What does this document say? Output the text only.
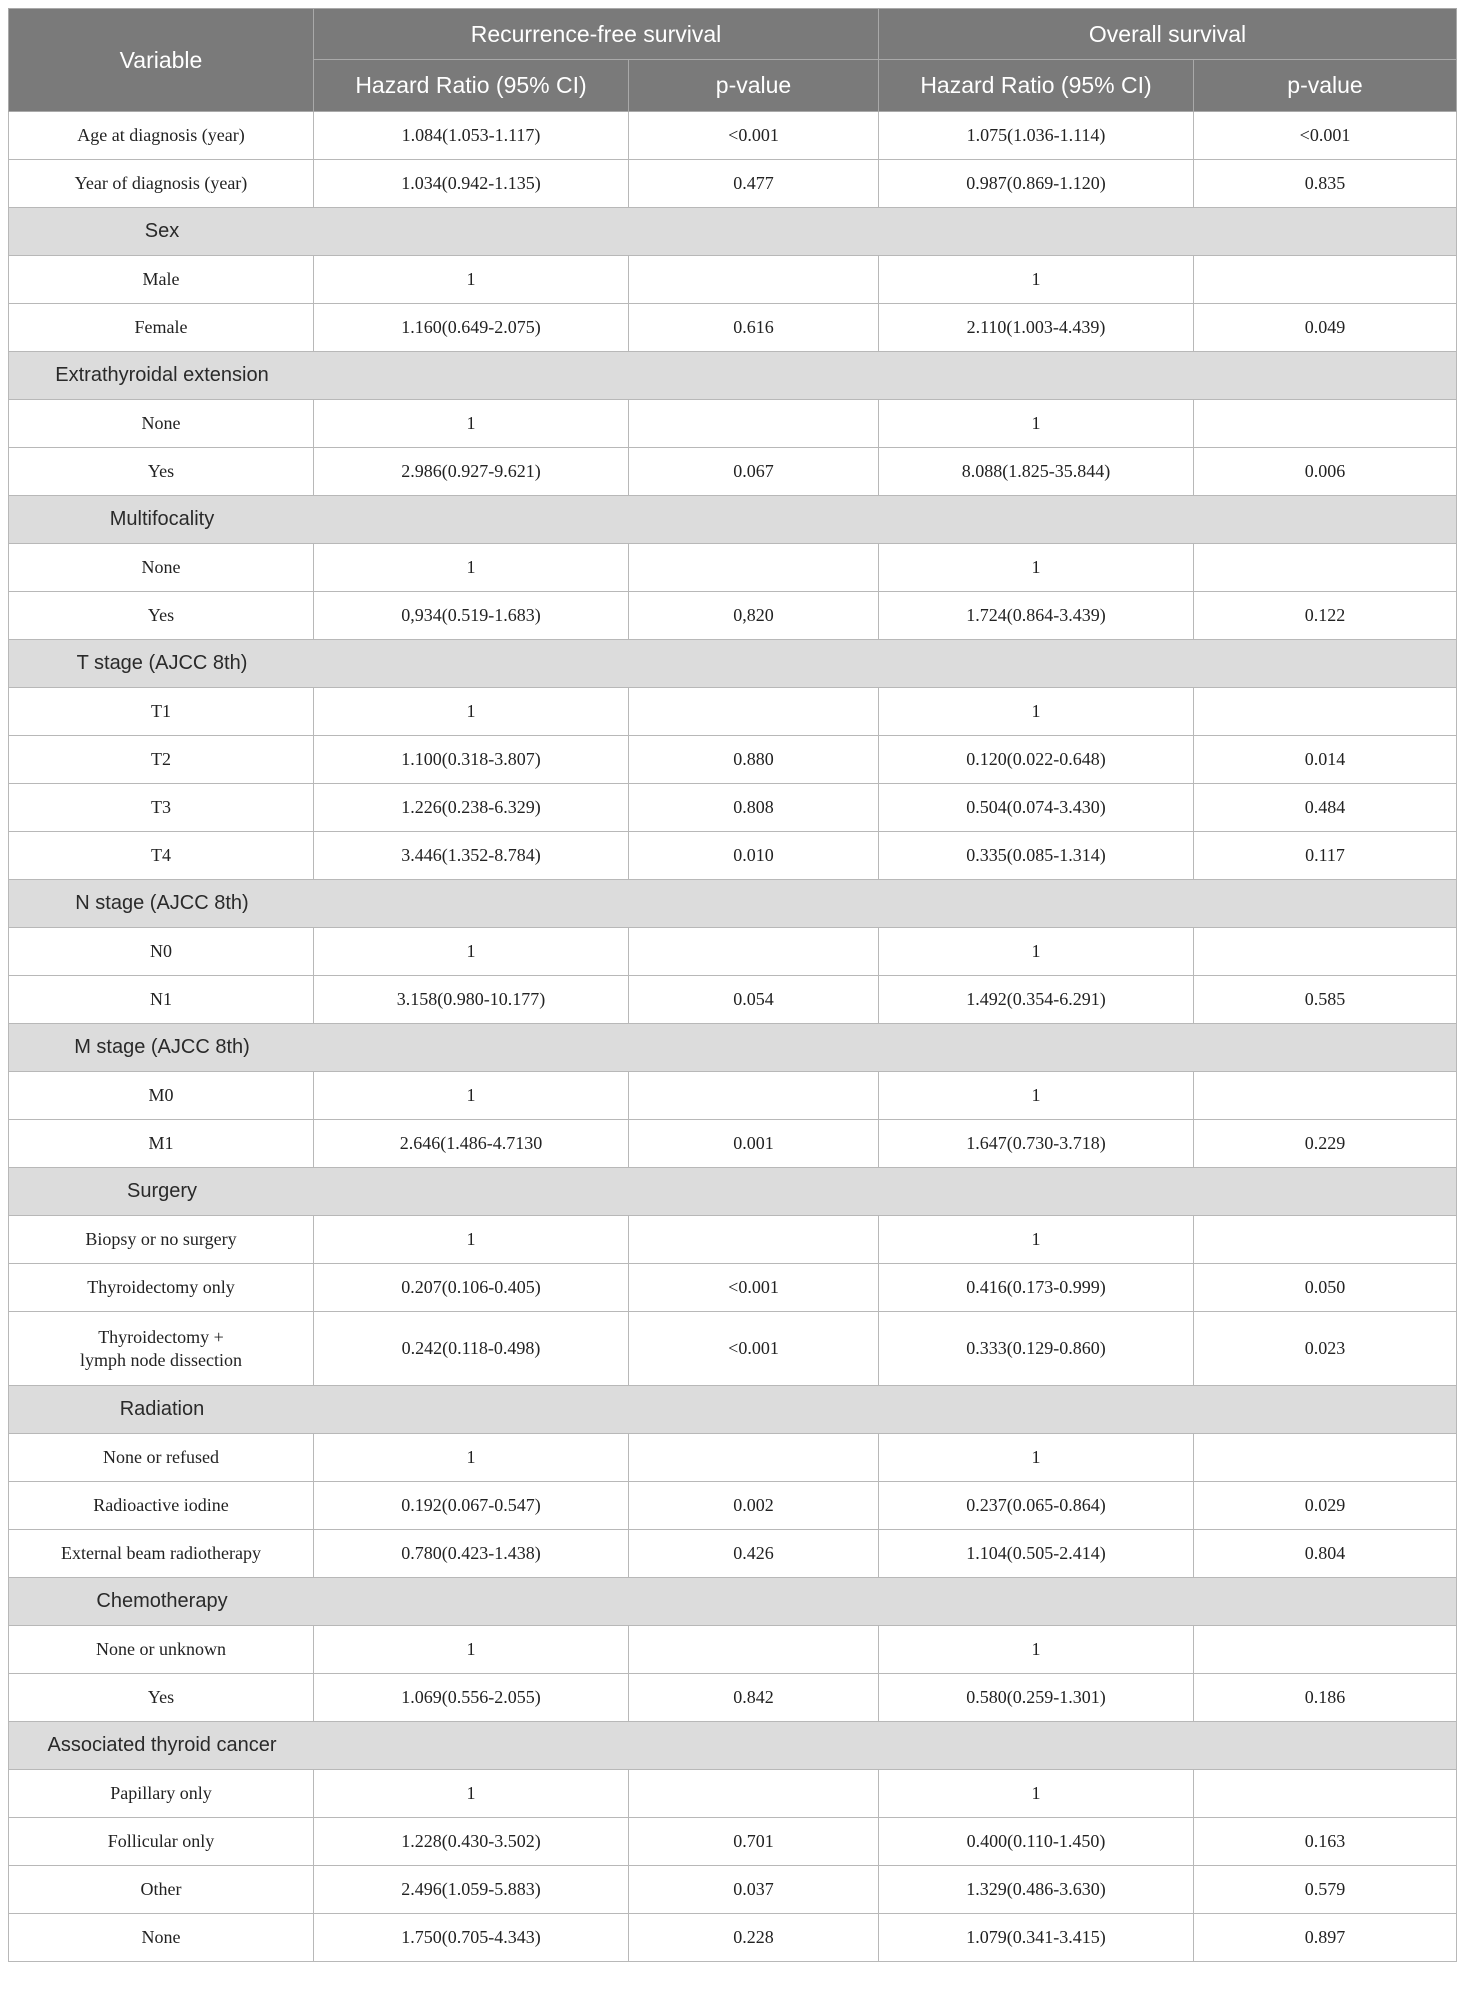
Variable	Recurrence-free survival		Overall survival	
	Hazard Ratio (95% CI)	p-value	Hazard Ratio (95% CI)	p-value

Age at diagnosis (year)	1.084(1.053-1.117)	<0.001	1.075(1.036-1.114)	<0.001

Year of diagnosis (year)	1.034(0.942-1.135)	0.477	0.987(0.869-1.120)	0.835
Sex				

Male	1		1	

Female	1.160(0.649-2.075)	0.616	2.110(1.003-4.439)	0.049
Extrathyroidal extension				

None	1		1	

Yes	2.986(0.927-9.621)	0.067	8.088(1.825-35.844)	0.006
Multifocality				

None	1		1	

Yes	0,934(0.519-1.683)	0,820	1.724(0.864-3.439)	0.122
T stage (AJCC 8th)				

T1	1		1	

T2	1.100(0.318-3.807)	0.880	0.120(0.022-0.648)	0.014

T3	1.226(0.238-6.329)	0.808	0.504(0.074-3.430)	0.484

T4	3.446(1.352-8.784)	0.010	0.335(0.085-1.314)	0.117
N stage (AJCC 8th)				

N0	1		1	

N1	3.158(0.980-10.177)	0.054	1.492(0.354-6.291)	0.585
M stage (AJCC 8th)				

M0	1		1	

M1	2.646(1.486-4.7130	0.001	1.647(0.730-3.718)	0.229
Surgery				

Biopsy or no surgery	1		1	

Thyroidectomy only	0.207(0.106-0.405)	<0.001	0.416(0.173-0.999)	0.050

Thyroidectomy +
lymph node dissection	0.242(0.118-0.498)	<0.001	0.333(0.129-0.860)	0.023
Radiation				

None or refused	1		1	

Radioactive iodine	0.192(0.067-0.547)	0.002	0.237(0.065-0.864)	0.029

External beam radiotherapy	0.780(0.423-1.438)	0.426	1.104(0.505-2.414)	0.804
Chemotherapy				

None or unknown	1		1	

Yes	1.069(0.556-2.055)	0.842	0.580(0.259-1.301)	0.186
Associated thyroid cancer				

Papillary only	1		1	

Follicular only	1.228(0.430-3.502)	0.701	0.400(0.110-1.450)	0.163

Other	2.496(1.059-5.883)	0.037	1.329(0.486-3.630)	0.579

None	1.750(0.705-4.343)	0.228	1.079(0.341-3.415)	0.897
